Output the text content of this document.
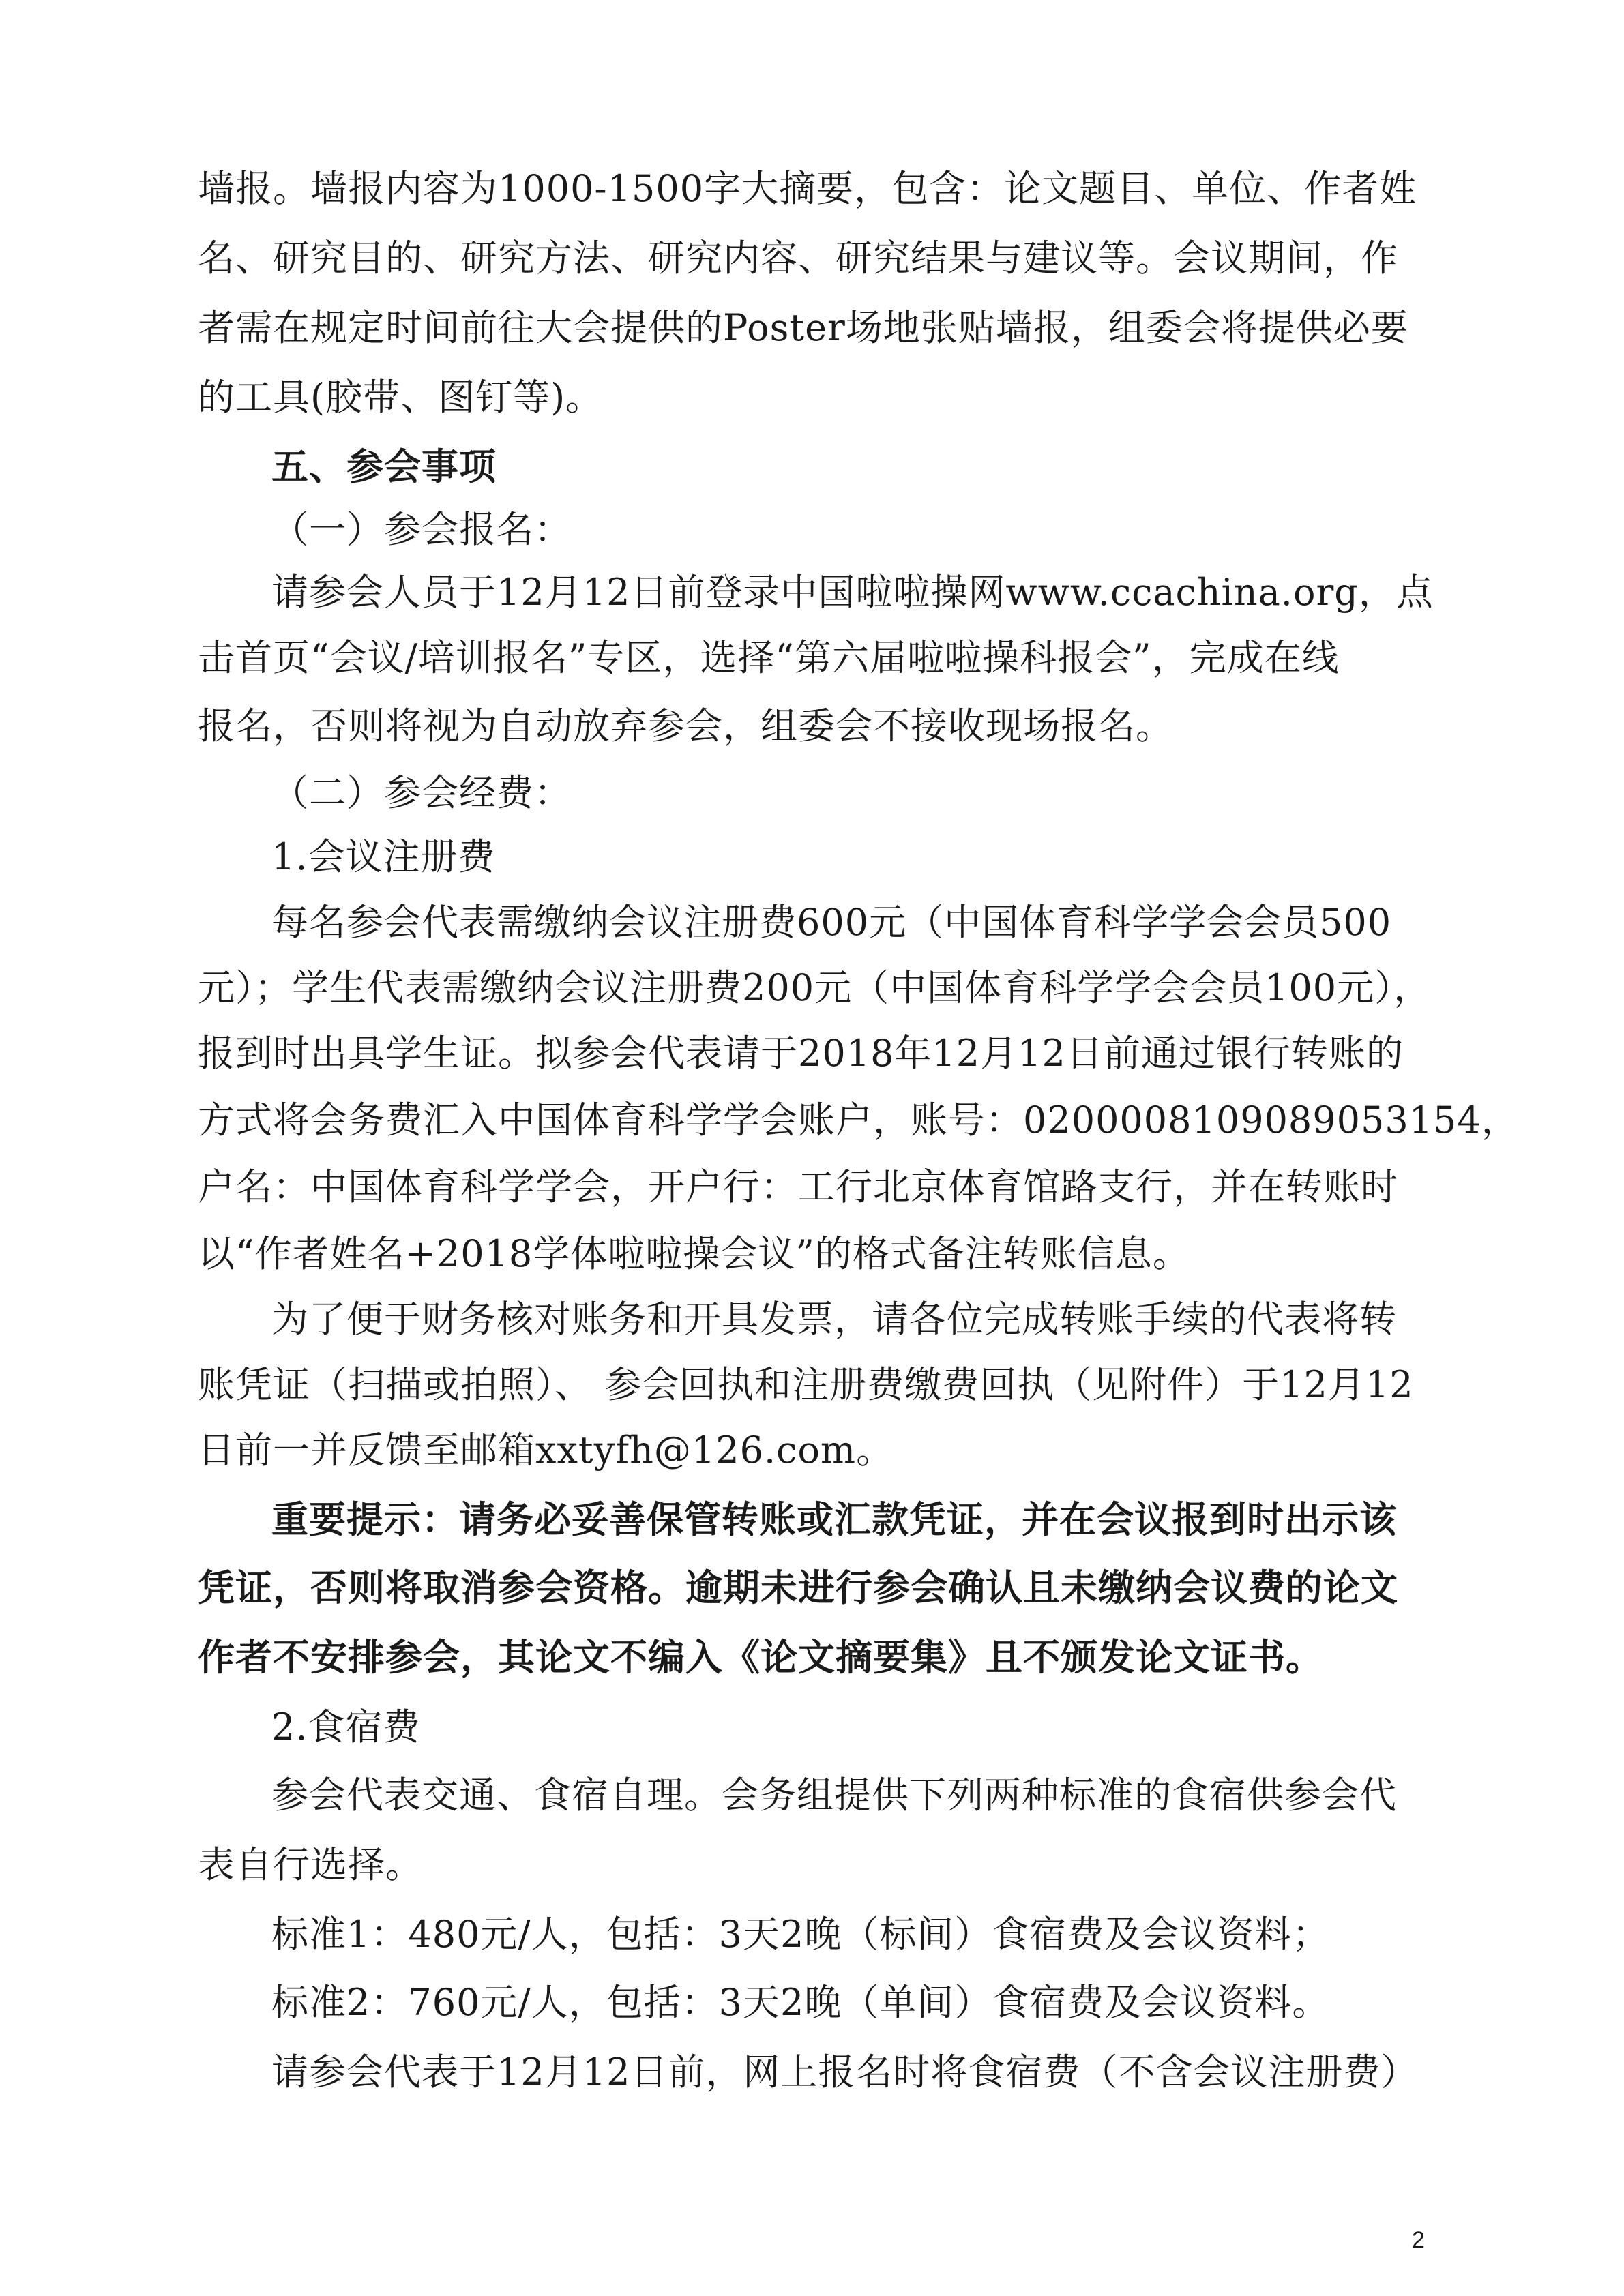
墙报。墙报内容为1000-1500字大摘要，包含：论文题目、单位、作者姓
名、研究目的、研究方法、研究内容、研究结果与建议等。会议期间，作
者需在规定时间前往大会提供的Poster场地张贴墙报，组委会将提供必要
的工具(胶带、图钉等)。
五、参会事项
（一）参会报名：
请参会人员于12月12日前登录中国啦啦操网www.ccachina.org，点
击首页“会议/培训报名”专区，选择“第六届啦啦操科报会”，完成在线
报名，否则将视为自动放弃参会，组委会不接收现场报名。
（二）参会经费：
1.会议注册费
每名参会代表需缴纳会议注册费600元（中国体育科学学会会员500
元）；学生代表需缴纳会议注册费200元（中国体育科学学会会员100元），
报到时出具学生证。拟参会代表请于2018年12月12日前通过银行转账的
方式将会务费汇入中国体育科学学会账户，账号：0200008109089053154，
户名：中国体育科学学会，开户行：工行北京体育馆路支行，并在转账时
以“作者姓名+2018学体啦啦操会议”的格式备注转账信息。
为了便于财务核对账务和开具发票，请各位完成转账手续的代表将转
账凭证（扫描或拍照）、 参会回执和注册费缴费回执（见附件）于12月12
日前一并反馈至邮箱xxtyfh@126.com。
重要提示：请务必妥善保管转账或汇款凭证，并在会议报到时出示该
凭证，否则将取消参会资格。逾期未进行参会确认且未缴纳会议费的论文
作者不安排参会，其论文不编入《论文摘要集》且不颁发论文证书。
2.食宿费
参会代表交通、食宿自理。会务组提供下列两种标准的食宿供参会代
表自行选择。
标准1：480元/人，包括：3天2晚（标间）食宿费及会议资料；
标准2：760元/人，包括：3天2晚（单间）食宿费及会议资料。
请参会代表于12月12日前，网上报名时将食宿费（不含会议注册费）
2
